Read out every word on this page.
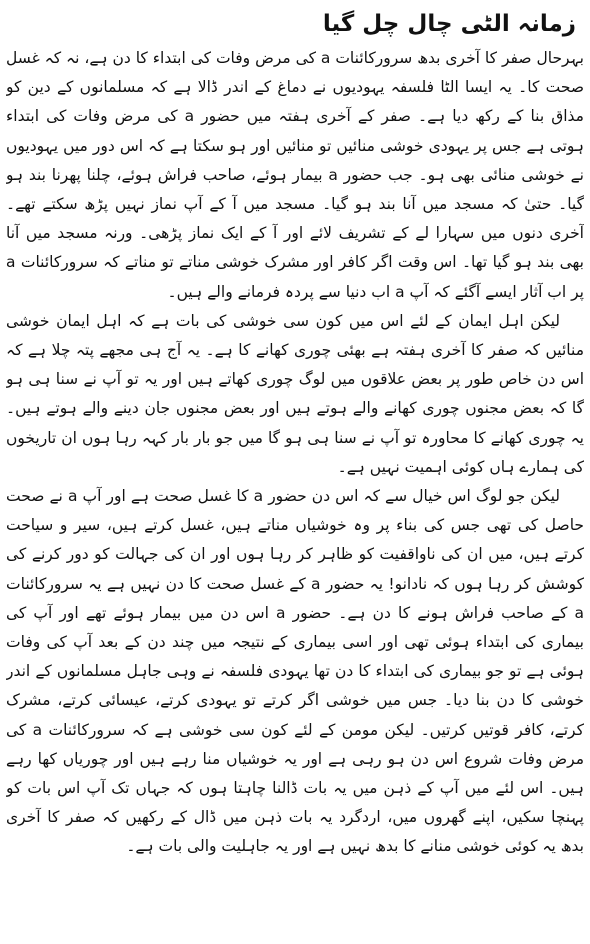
زمانہ الٹی چال چل گیا

بہرحال صفر کا آخری بدھ سرورکائنات a کی مرض وفات کی ابتداء کا دن ہے، نہ کہ غسل صحت کا۔ یہ ایسا الٹا فلسفہ یہودیوں نے دماغ کے اندر ڈالا ہے کہ مسلمانوں کے دین کو مذاق بنا کے رکھ دیا ہے۔ صفر کے آخری ہفتہ میں حضور a کی مرض وفات کی ابتداء ہوتی ہے جس پر یہودی خوشی منائیں تو منائیں اور ہو سکتا ہے کہ اس دور میں یہودیوں نے خوشی منائی بھی ہو۔ جب حضور a بیمار ہوئے، صاحب فراش ہوئے، چلنا پھرنا بند ہو گیا۔ حتیٰ کہ مسجد میں آنا بند ہو گیا۔ مسجد میں آ کے آپ نماز نہیں پڑھ سکتے تھے۔ آخری دنوں میں سہارا لے کے تشریف لائے اور آ کے ایک نماز پڑھی۔ ورنہ مسجد میں آنا بھی بند ہو گیا تھا۔ اس وقت اگر کافر اور مشرک خوشی مناتے تو مناتے کہ سرورکائنات a پر اب آثار ایسے آگئے کہ آپ a اب دنیا سے پردہ فرمانے والے ہیں۔

لیکن اہل ایمان کے لئے اس میں کون سی خوشی کی بات ہے کہ اہل ایمان خوشی منائیں کہ صفر کا آخری ہفتہ ہے بھئی چوری کھانے کا ہے۔ یہ آج ہی مجھے پتہ چلا ہے کہ اس دن خاص طور پر بعض علاقوں میں لوگ چوری کھاتے ہیں اور یہ تو آپ نے سنا ہی ہو گا کہ بعض مجنوں چوری کھانے والے ہوتے ہیں اور بعض مجنوں جان دینے والے ہوتے ہیں۔ یہ چوری کھانے کا محاورہ تو آپ نے سنا ہی ہو گا میں جو بار بار کہہ رہا ہوں ان تاریخوں کی ہمارے ہاں کوئی اہمیت نہیں ہے۔

لیکن جو لوگ اس خیال سے کہ اس دن حضور a کا غسل صحت ہے اور آپ a نے صحت حاصل کی تھی جس کی بناء پر وہ خوشیاں مناتے ہیں، غسل کرتے ہیں، سیر و سیاحت کرتے ہیں، میں ان کی ناواقفیت کو ظاہر کر رہا ہوں اور ان کی جہالت کو دور کرنے کی کوشش کر رہا ہوں کہ نادانو! یہ حضور a کے غسل صحت کا دن نہیں ہے یہ سرورکائنات a کے صاحب فراش ہونے کا دن ہے۔ حضور a اس دن میں بیمار ہوئے تھے اور آپ کی بیماری کی ابتداء ہوئی تھی اور اسی بیماری کے نتیجہ میں چند دن کے بعد آپ کی وفات ہوئی ہے تو جو بیماری کی ابتداء کا دن تھا یہودی فلسفہ نے وہی جاہل مسلمانوں کے اندر خوشی کا دن بنا دیا۔ جس میں خوشی اگر کرتے تو یہودی کرتے، عیسائی کرتے، مشرک کرتے، کافر قوتیں کرتیں۔ لیکن مومن کے لئے کون سی خوشی ہے کہ سرورکائنات a کی مرض وفات شروع اس دن ہو رہی ہے اور یہ خوشیاں منا رہے ہیں اور چوریاں کھا رہے ہیں۔ اس لئے میں آپ کے ذہن میں یہ بات ڈالنا چاہتا ہوں کہ جہاں تک آپ اس بات کو پہنچا سکیں، اپنے گھروں میں، اردگرد یہ بات ذہن میں ڈال کے رکھیں کہ صفر کا آخری بدھ یہ کوئی خوشی منانے کا بدھ نہیں ہے اور یہ جاہلیت والی بات ہے۔
